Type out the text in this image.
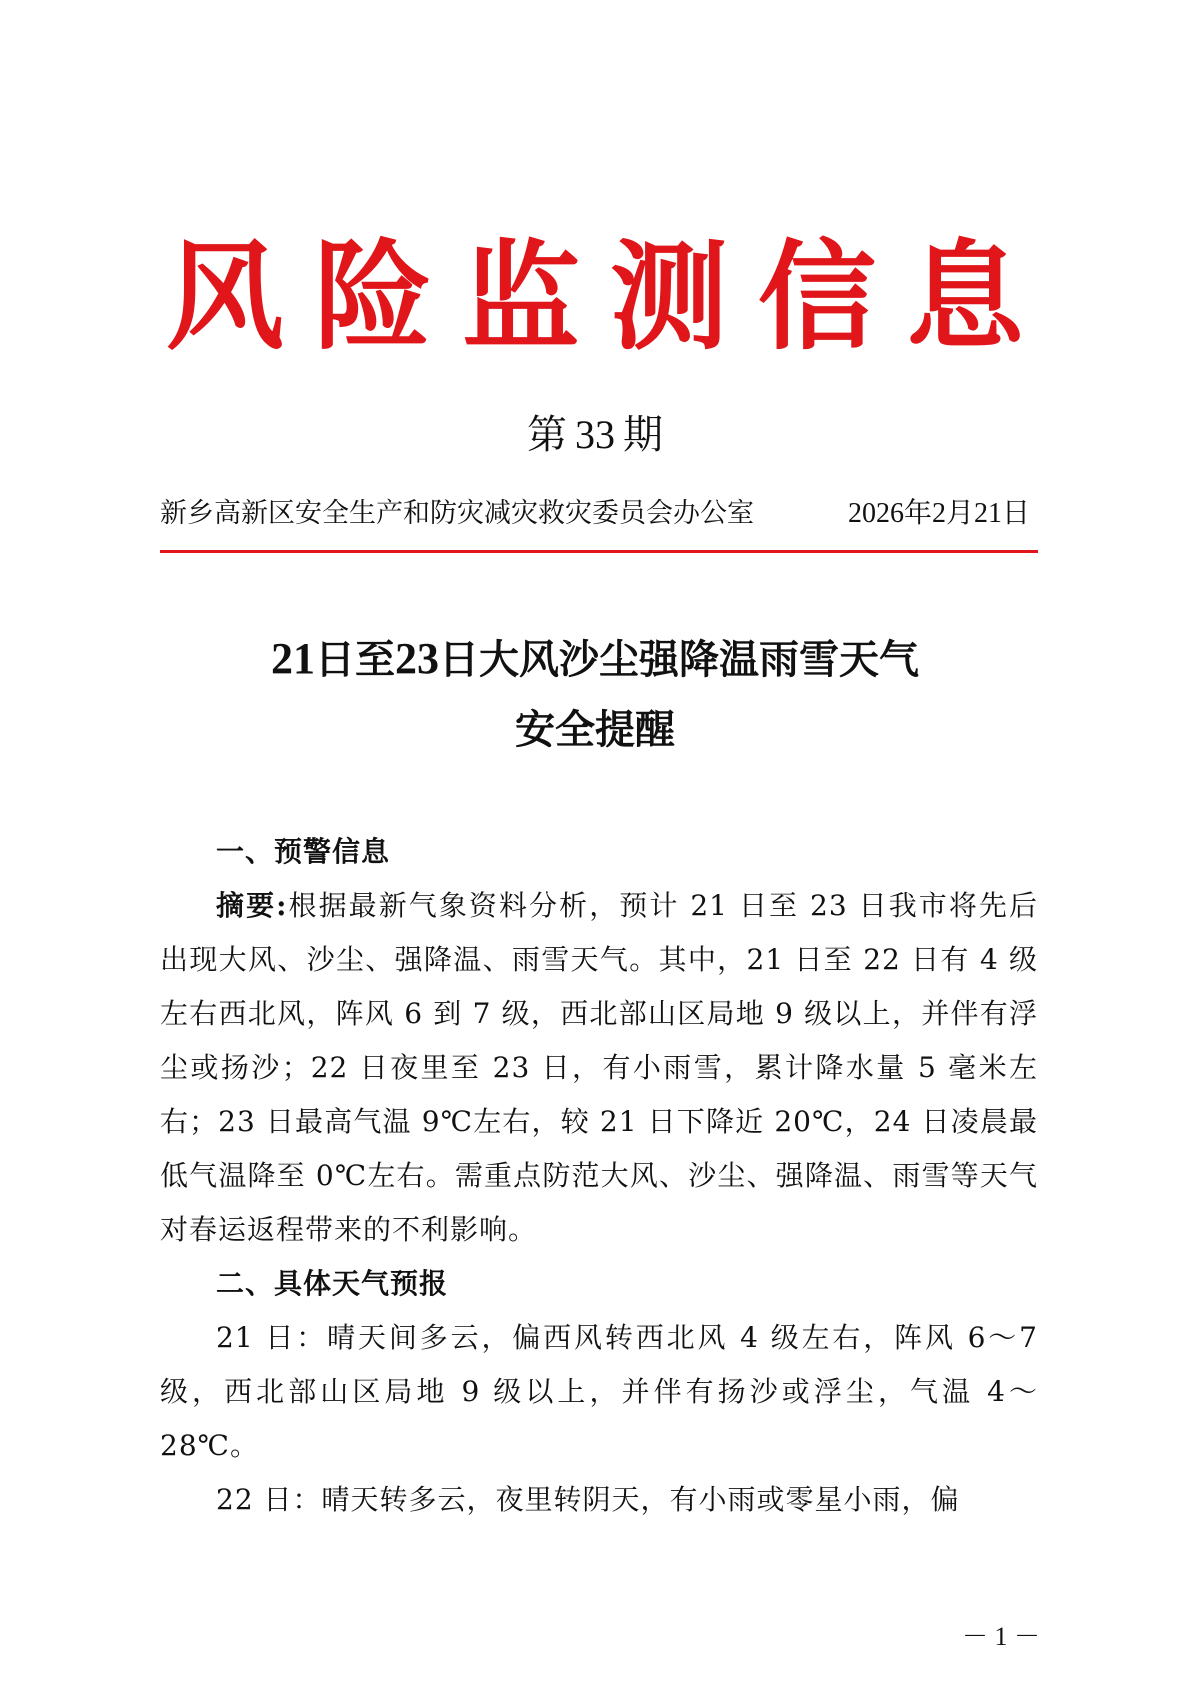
风险监测信息
第 33 期
新乡高新区安全生产和防灾减灾救灾委员会办公室	2026年2月21日
21日至23日大风沙尘强降温雨雪天气
安全提醒

一、预警信息

摘要:根据最新气象资料分析，预计 21 日至 23 日我市将先后出现大风、沙尘、强降温、雨雪天气。其中，21 日至 22 日有 4 级左右西北风，阵风 6 到 7 级，西北部山区局地 9 级以上，并伴有浮尘或扬沙；22 日夜里至 23 日，有小雨雪，累计降水量 5 毫米左右；23 日最高气温 9℃左右，较 21 日下降近 20℃，24 日凌晨最低气温降至 0℃左右。需重点防范大风、沙尘、强降温、雨雪等天气对春运返程带来的不利影响。

二、具体天气预报

21 日：晴天间多云，偏西风转西北风 4 级左右，阵风 6～7 级，西北部山区局地 9 级以上，并伴有扬沙或浮尘，气温 4～28℃。

22 日：晴天转多云，夜里转阴天，有小雨或零星小雨，偏

－ 1 －
